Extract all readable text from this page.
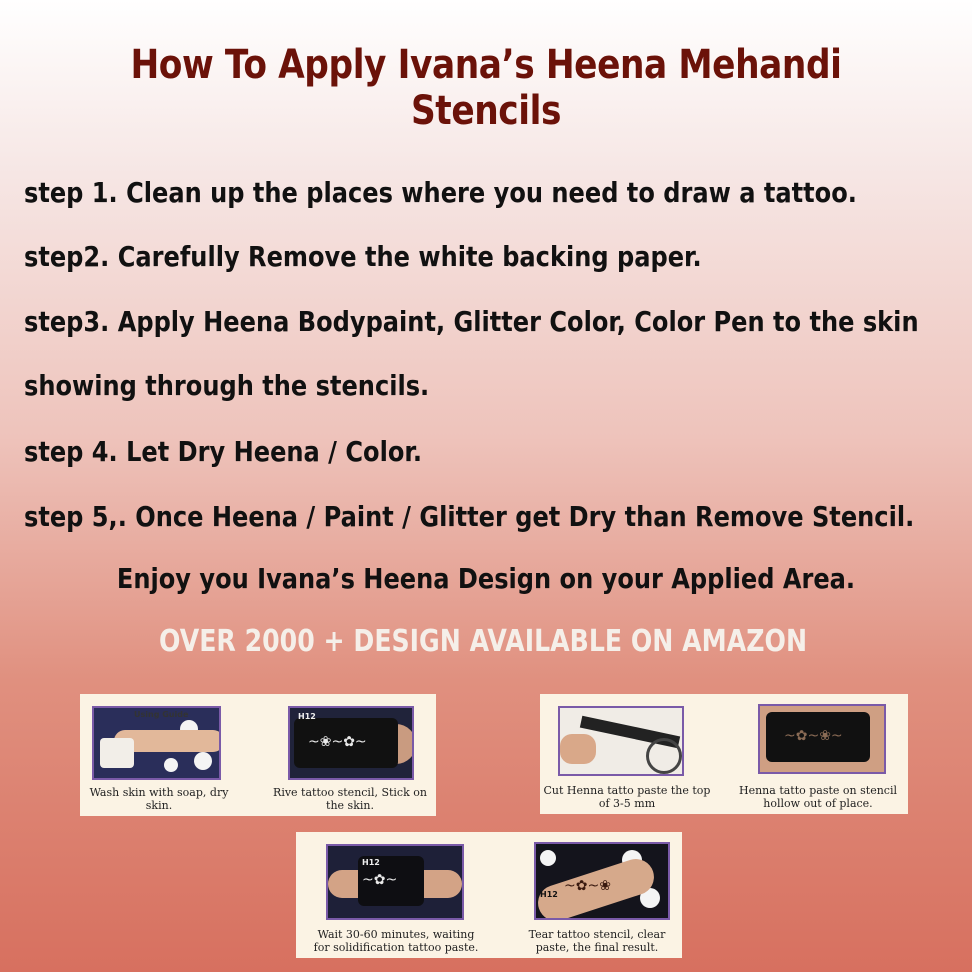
How To Apply Ivana’s Heena Mehandi Stencils
step 1. Clean up the places where you need to draw a tattoo.
step2. Carefully Remove the white backing paper.
step3. Apply Heena Bodypaint, Glitter Color, Color Pen to the skin
showing through the stencils.
step 4. Let Dry Heena / Color.
step 5,. Once Heena / Paint / Glitter get Dry than Remove Stencil.
Enjoy you Ivana’s Heena Design on your Applied Area.
OVER 2000 + DESIGN AVAILABLE ON AMAZON
Using Guide
~❀~✿~
H12
Wash skin with soap, dry skin.
Rive tattoo stencil, Stick on the skin.
~✿~❀~
Cut Henna tatto paste the top of 3-5 mm
Henna tatto paste on stencil hollow out of place.
~✿~
H12
~✿~❀
H12
Wait 30-60 minutes, waiting for solidification tattoo paste.
Tear tattoo stencil, clear paste, the final result.
